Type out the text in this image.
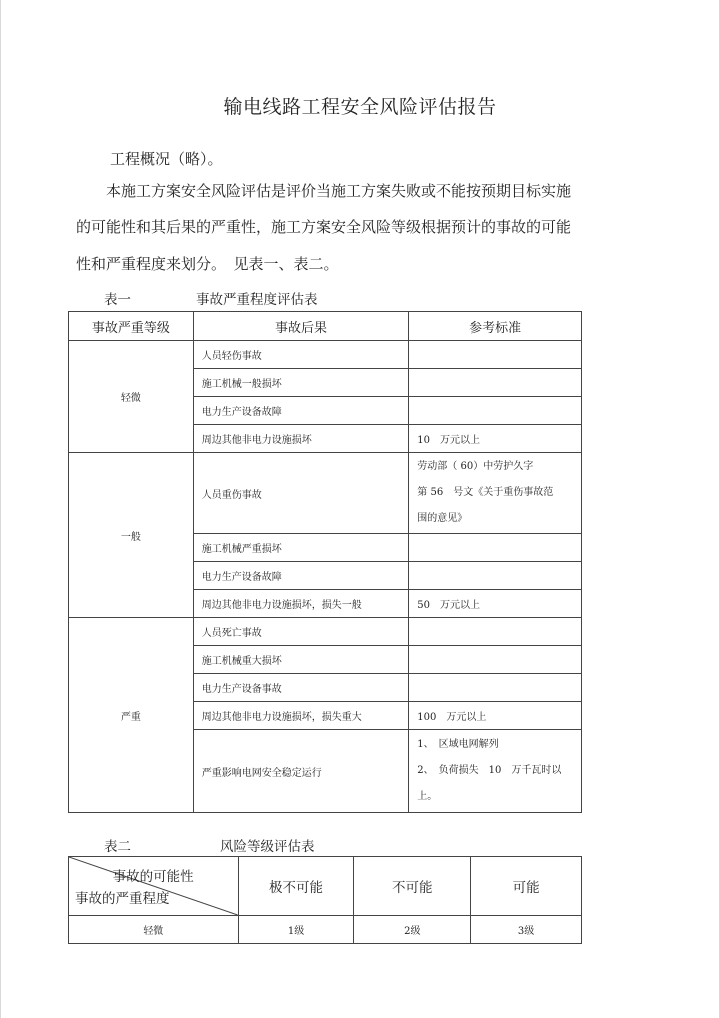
输电线路工程安全风险评估报告
工程概况（略）。
本施工方案安全风险评估是评价当施工方案失败或不能按预期目标实施
的可能性和其后果的严重性，施工方案安全风险等级根据预计的事故的可能
性和严重程度来划分。　见表一、表二。
表一	事故严重程度评估表
事故严重等级	事故后果	参考标准
轻微	人员轻伤事故	
	施工机械一般损坏	
	电力生产设备故障	
	周边其他非电力设施损坏	10　万元以上
一般	人员重伤事故	劳动部（ 60）中劳护久字
第 56　号文《关于重伤事故范
围的意见》

	施工机械严重损坏	
	电力生产设备故障	
	周边其他非电力设施损坏，损失一般	50　万元以上
严重	人员死亡事故	
	施工机械重大损坏	
	电力生产设备事故	
	周边其他非电力设施损坏，损失重大	100　万元以上
	严重影响电网安全稳定运行	1、　区域电网解列
2、　负荷损失　10　万千瓦时以
上。
表二	风险等级评估表
事故的可能性
事故的严重程度	极不可能	不可能	可能
轻微	1级	2级	3级
